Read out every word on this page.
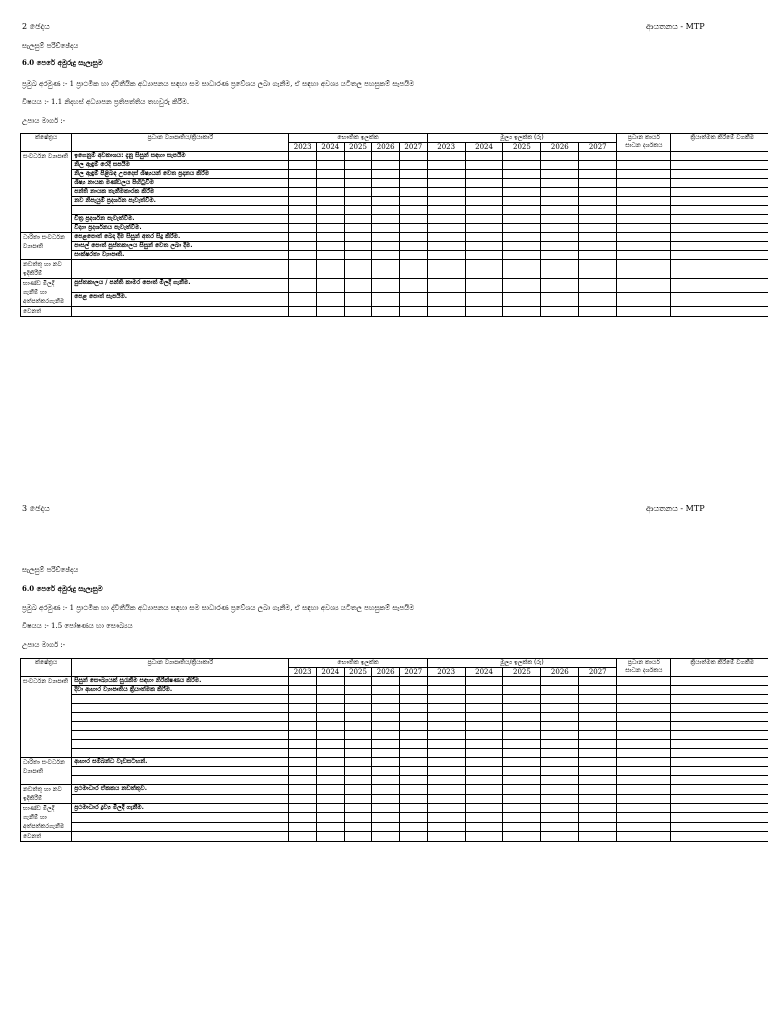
2 ඡෙදය	ආයතනය - MTP
සැලසුම් පරිච්ඡේදය
6.0 පෙරේ අමුරුදු සැලැසුම
ප්‍රමුඛ අරමුණ :- 1 ප්‍රාථමික හා ද්විතීයික අධ්‍යාපනය සඳහා සම සාධාරණ ප්‍රවේශය ලබා ගැනීම, ඒ සඳහා අවශ්‍ය යටිතල පහසුකම් සැපයීම
විෂයය :- 1.1 නිදහස් අධ්‍යාපන ප්‍රතිපත්තිය තහවුරු කිරීම.
උපාය මාර්ග :-
ක්ෂේත්‍රය	ප්‍රධාන ව්‍යාපෘතිය/ක්‍රියාකාරී	භෞතික ඉලක්ක					මූල්‍ය ඉලක්ක (රු)					ප්‍රධාන කාර්ය සාධන දර්ශකය	ක්‍රියාත්මක කිරීමේ වගකීම
		2023	2024	2025	2026	2027	2023	2024	2025	2026	2027		
සංවර්ධන ව්‍යාපෘති	ඉගෙනුම් අවකාශය: දැනු සිසුන් සඳහා සැපයීම												
	නිල ඇඳුම් රෙදි සපයීම												
	නිල ඇඳුම් පිළිබඳ උපදෙස් ශිෂ්‍යයන් වෙත ප්‍රදානය කිරීම												
	ශිෂ්‍ය නායක මණ්ඩලය පිහිටුවීම												
	පන්ති නායක තැනීමකාරක කිරීම												
	නව නිපැයුම් ප්‍රදර්ශන පැවැත්වීම.												

	චිත්‍ර ප්‍රදර්ශන පැවැත්වීම.												
	විද්‍යා ප්‍රදර්ශනය පැවැත්වීම.												
ධාරිතා සංවර්ධන ව්‍යාපෘති	පෙළපොත් බෙදා දීම සිසුන් අතර සිදු කිරීම.												
	පාසල් පොත් පුස්තකාලය සිසුන් වෙත ලබා දීම.												
	සාක්ෂරතා ව්‍යාපෘති.												
නඩත්තු හා නව ඉදිකිරීම්													
භාණ්ඩ මිලදී ගැනීම් හා අත්පත්කරගැනීම	පුස්තකාලය / පන්ති කාමර පොත් මිලදී ගැනීම.												
	පෙළ පොත් සැපයීම.												
වෙනත්													
3 ඡෙදය	ආයතනය - MTP
සැලසුම් පරිච්ඡේදය
6.0 පෙරේ අමුරුදු සැලැසුම
ප්‍රමුඛ අරමුණ :- 1 ප්‍රාථමික හා ද්විතීයික අධ්‍යාපනය සඳහා සම සාධාරණ ප්‍රවේශය ලබා ගැනීම, ඒ සඳහා අවශ්‍ය යටිතල පහසුකම් සැපයීම
විෂයය :- 1.5 පෝෂණය හා සෞඛ්‍යය
උපාය මාර්ග :-
ක්ෂේත්‍රය	ප්‍රධාන ව්‍යාපෘතිය/ක්‍රියාකාරී	භෞතික ඉලක්ක					මූල්‍ය ඉලක්ක (රු)					ප්‍රධාන කාර්ය සාධන දර්ශකය	ක්‍රියාත්මක කිරීමේ වගකීම
		2023	2024	2025	2026	2027	2023	2024	2025	2026	2027		
සංවර්ධන ව්‍යාපෘති	සිසුන් සෞඛ්‍යයක් සුරැකීම සඳහා නිරීක්ෂණය කිරීම.												
	දිවා ආහාර ව්‍යාපෘතිය ක්‍රියාත්මක කිරීම.												

ධාරිතා සංවර්ධන ව්‍යාපෘති	ආහාර සම්බන්ධ වැඩසටහන්.												

නඩත්තු හා නව ඉදිකිරීම්	ප්‍රථමාධාර ඒකකය නඩත්තුව.												

භාණ්ඩ මිලදී ගැනීම් හා අත්පත්කරගැනීම	ප්‍රථමාධාර ද්‍රව්‍ය මිලදී ගැනීම.												

වෙනත්													
